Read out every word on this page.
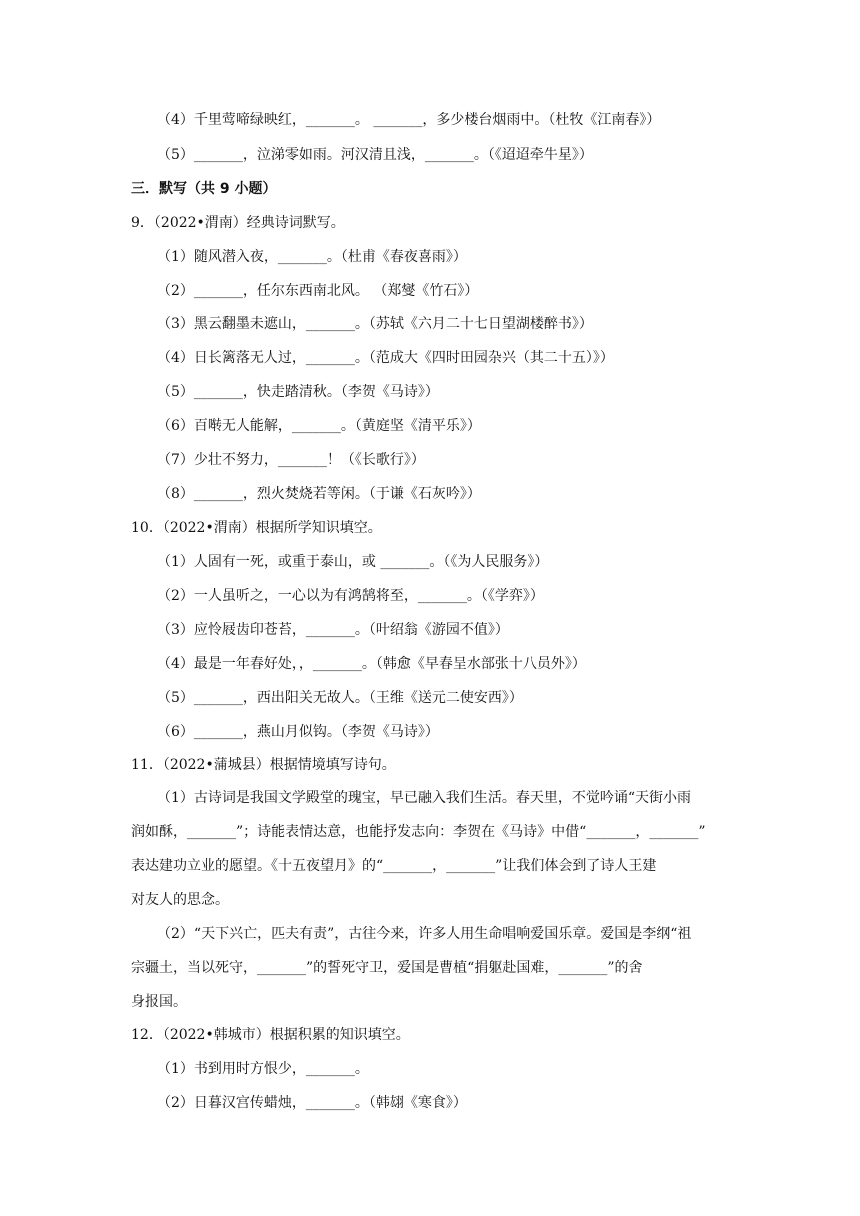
（4）千里莺啼绿映红，_______。 _______，多少楼台烟雨中。（杜牧《江南春》）
（5）_______，泣涕零如雨。河汉清且浅，_______。（《迢迢牵牛星》）
三．默写（共 9 小题）
9．（2022•渭南）经典诗词默写。
（1）随风潜入夜，_______。（杜甫《春夜喜雨》）
（2）_______，任尔东西南北风。 （郑燮《竹石》）
（3）黑云翻墨未遮山，_______。（苏轼《六月二十七日望湖楼醉书》）
（4）日长篱落无人过，_______。（范成大《四时田园杂兴（其二十五）》）
（5）_______，快走踏清秋。（李贺《马诗》）
（6）百啭无人能解，_______。（黄庭坚《清平乐》）
（7）少壮不努力，_______！（《长歌行》）
（8）_______，烈火焚烧若等闲。（于谦《石灰吟》）
10．（2022•渭南）根据所学知识填空。
（1）人固有一死，或重于泰山，或 _______。（《为人民服务》）
（2）一人虽听之，一心以为有鸿鹄将至，_______。（《学弈》）
（3）应怜屐齿印苍苔，_______。（叶绍翁《游园不值》）
（4）最是一年春好处，，_______。（韩愈《早春呈水部张十八员外》）
（5）_______，西出阳关无故人。（王维《送元二使安西》）
（6）_______，燕山月似钩。（李贺《马诗》）
11．（2022•蒲城县）根据情境填写诗句。
（1）古诗词是我国文学殿堂的瑰宝，早已融入我们生活。春天里，不觉吟诵“天街小雨
润如酥，_______”；诗能表情达意，也能抒发志向：李贺在《马诗》中借“_______，_______”
表达建功立业的愿望。《十五夜望月》的“_______，_______”让我们体会到了诗人王建
对友人的思念。
（2）“天下兴亡，匹夫有责”，古往今来，许多人用生命唱响爱国乐章。爱国是李纲“祖
宗疆土，当以死守，_______”的誓死守卫，爱国是曹植“捐躯赴国难，_______”的舍
身报国。
12．（2022•韩城市）根据积累的知识填空。
（1）书到用时方恨少，_______。
（2）日暮汉宫传蜡烛，_______。（韩翃《寒食》）
